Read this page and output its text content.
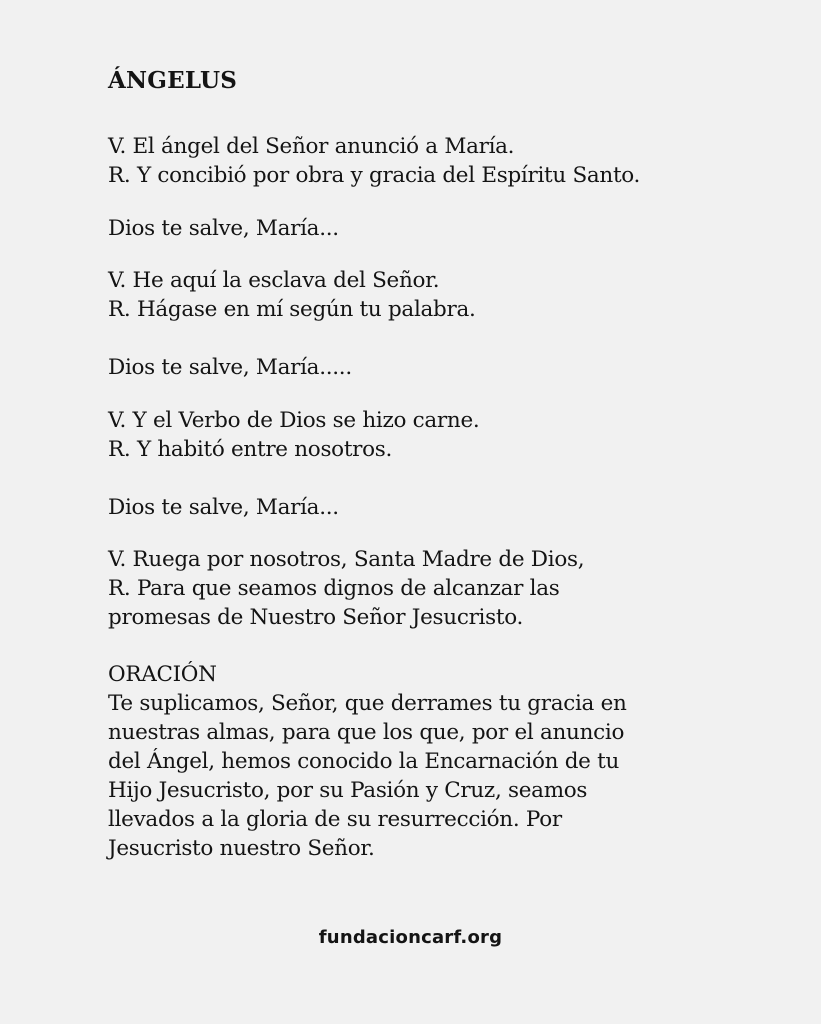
ÁNGELUS
V. El ángel del Señor anunció a María.
R. Y concibió por obra y gracia del Espíritu Santo.
Dios te salve, María...
V. He aquí la esclava del Señor.
R. Hágase en mí según tu palabra.
Dios te salve, María.....
V. Y el Verbo de Dios se hizo carne.
R. Y habitó entre nosotros.
Dios te salve, María...
V. Ruega por nosotros, Santa Madre de Dios,
R. Para que seamos dignos de alcanzar las
promesas de Nuestro Señor Jesucristo.
ORACIÓN
Te suplicamos, Señor, que derrames tu gracia en
nuestras almas, para que los que, por el anuncio
del Ángel, hemos conocido la Encarnación de tu
Hijo Jesucristo, por su Pasión y Cruz, seamos
llevados a la gloria de su resurrección. Por
Jesucristo nuestro Señor.
fundacioncarf.org
